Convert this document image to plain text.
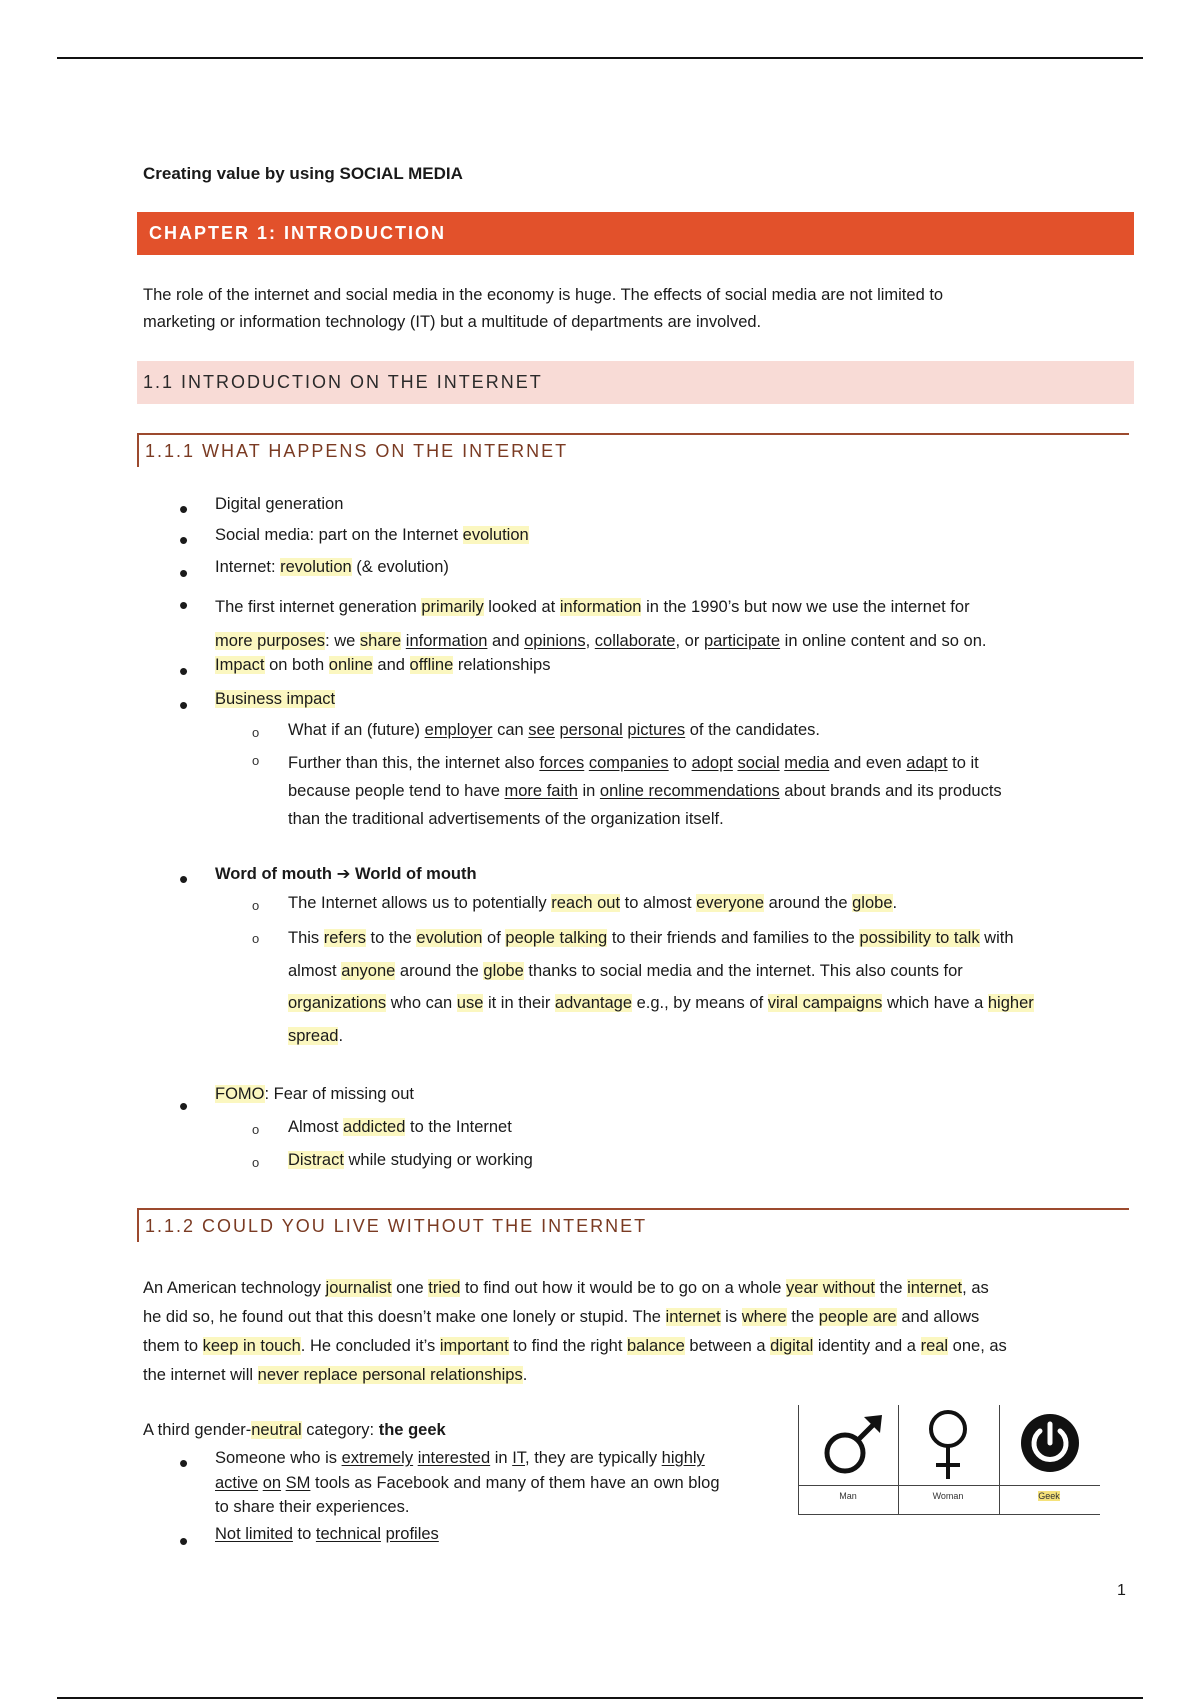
Creating value by using SOCIAL MEDIA
CHAPTER 1: INTRODUCTION
The role of the internet and social media in the economy is huge. The effects of social media are not limited to
marketing or information technology (IT) but a multitude of departments are involved.
1.1 INTRODUCTION ON THE INTERNET
1.1.1 WHAT HAPPENS ON THE INTERNET
• Digital generation
• Social media: part on the Internet evolution
• Internet: revolution (& evolution)
• The first internet generation primarily looked at information in the 1990’s but now we use the internet for
more purposes: we share information and opinions, collaborate, or participate in online content and so on.
• Impact on both online and offline relationships
• Business impact
o What if an (future) employer can see personal pictures of the candidates.
o Further than this, the internet also forces companies to adopt social media and even adapt to it
because people tend to have more faith in online recommendations about brands and its products
than the traditional advertisements of the organization itself.
• Word of mouth ➔ World of mouth
o The Internet allows us to potentially reach out to almost everyone around the globe.
o This refers to the evolution of people talking to their friends and families to the possibility to talk with
almost anyone around the globe thanks to social media and the internet. This also counts for
organizations who can use it in their advantage e.g., by means of viral campaigns which have a higher
spread.
• FOMO: Fear of missing out
o Almost addicted to the Internet
o Distract while studying or working
1.1.2 COULD YOU LIVE WITHOUT THE INTERNET
An American technology journalist one tried to find out how it would be to go on a whole year without the internet, as
he did so, he found out that this doesn’t make one lonely or stupid. The internet is where the people are and allows
them to keep in touch. He concluded it’s important to find the right balance between a digital identity and a real one, as
the internet will never replace personal relationships.
A third gender-neutral category: the geek
• Someone who is extremely interested in IT, they are typically highly
active on SM tools as Facebook and many of them have an own blog
to share their experiences.
• Not limited to technical profiles
Man	Woman	Geek
1
